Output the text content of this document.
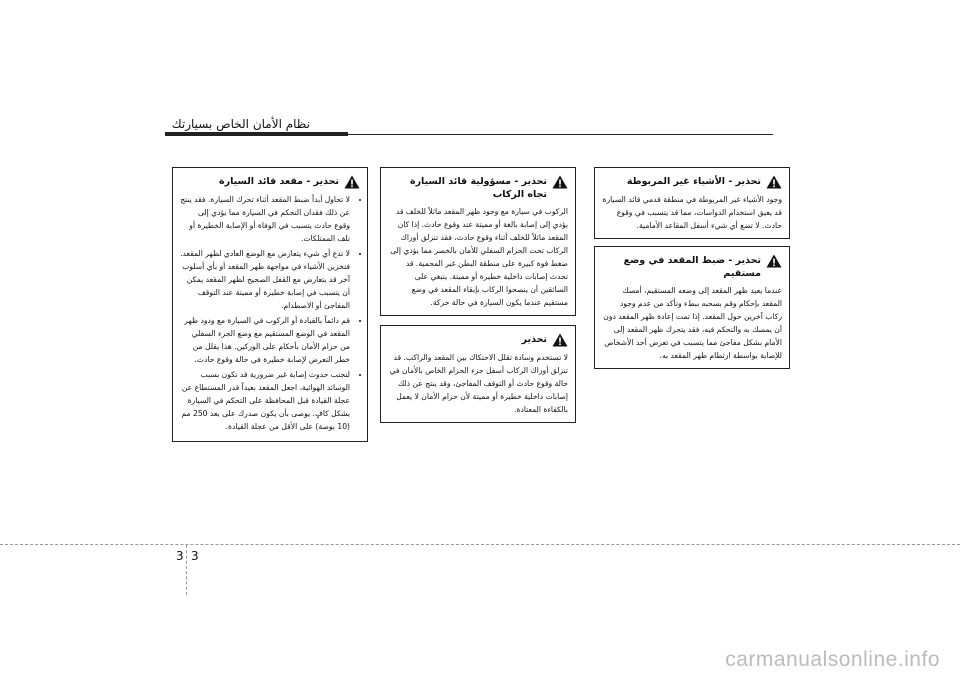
نظام الأمان الخاص بسيارتك
تحذير - الأشياء غير المربوطة

وجود الأشياء غير المربوطة في منطقة قدمي قائد السيارة قد يعيق استخدام الدواسات، مما قد يتسبب في وقوع حادث. لا تضع أي شيء أسفل المقاعد الأمامية.

تحذير - ضبط المقعد في وضع مستقيم

عندما يعيد ظهر المقعد إلى وضعه المستقيم، أمسك المقعد بإحكام وقم بسحبه ببطء وتأكد من عدم وجود ركاب آخرين حول المقعد. إذا تمت إعادة ظهر المقعد دون أن يمسك به والتحكم فيه، فقد يتحرك ظهر المقعد إلى الأمام بشكل مفاجئ مما يتسبب في تعرض أحد الأشخاص للإصابة بواسطة ارتطام ظهر المقعد به.

تحذير - مسؤولية قائد السيارة تجاه الركاب

الركوب في سيارة مع وجود ظهر المقعد مائلاً للخلف قد يؤدي إلى إصابة بالغة أو مميتة عند وقوع حادث. إذا كان المقعد مائلاً للخلف أثناء وقوع حادث، فقد تنزلق أوراك الركاب تحت الحزام السفلي للأمان بالخصر مما يؤدي إلى ضغط قوة كبيرة على منطقة البطن غير المحمية. قد تحدث إصابات داخلية خطيرة أو مميتة. ينبغي على السائقين أن ينصحوا الركاب بإبقاء المقعد في وضع مستقيم عندما يكون السيارة في حالة حركة.

تحذير

لا تستخدم وسادة تقلل الاحتكاك بين المقعد والراكب. قد تنزلق أوراك الركاب أسفل جزء الحزام الخاص بالأمان في حالة وقوع حادث أو التوقف المفاجئ، وقد ينتج عن ذلك إصابات داخلية خطيرة أو مميتة لأن حزام الأمان لا يعمل بالكفاءة المعتادة.

تحذير - مقعد قائد السيارة
• لا تحاول أبداً ضبط المقعد أثناء تحرك السيارة. فقد ينتج عن ذلك فقدان التحكم في السيارة مما يؤدي إلى وقوع حادث يتسبب في الوفاة أو الإصابة الخطيرة أو تلف الممتلكات.
• لا تدع أي شيء يتعارض مع الوضع العادي لظهر المقعد. فتخزين الأشياء في مواجهة ظهر المقعد أو بأي أسلوب آخر قد يتعارض مع القفل الصحيح لظهر المقعد يمكن أن يتسبب في إصابة خطيرة أو مميتة عند التوقف المفاجئ أو الاصطدام.
• قم دائماً بالقيادة أو الركوب في السيارة مع ودود ظهر المقعد في الوضع المستقيم مع وضع الجزء السفلي من حزام الأمان بأحكام على الوركين. هذا يقلل من خطر التعرض لإصابة خطيرة في حالة وقوع حادث.
• لتجنب حدوث إصابة غير ضرورية قد تكون بسبب الوسائد الهوائية، اجعل المقعد بعيداً قدر المستطاع عن عجلة القيادة قبل المحافظة على التحكم في السيارة بشكل كافٍ. يوصى بأن يكون صدرك على بعد 250 مم (10 بوصة) على الأقل من عجلة القيادة.
3 3
carmanualsonline.info
